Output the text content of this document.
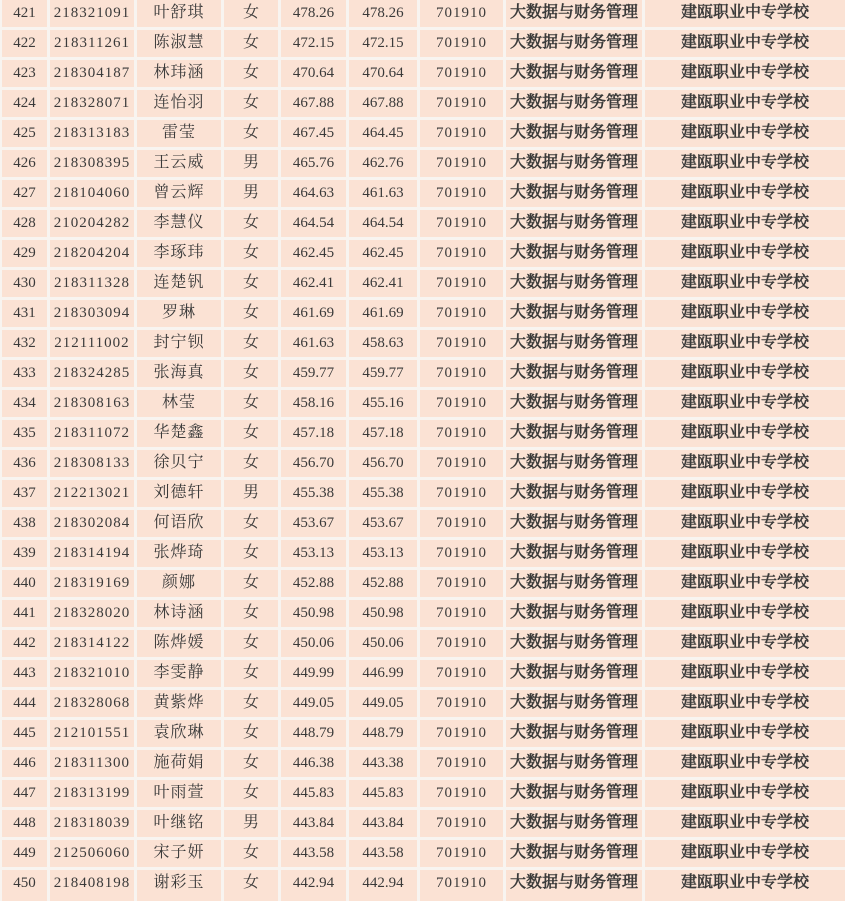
421	218321091	叶舒琪	女	478.26	478.26	701910	大数据与财务管理	建瓯职业中专学校
422	218311261	陈淑慧	女	472.15	472.15	701910	大数据与财务管理	建瓯职业中专学校
423	218304187	林玮涵	女	470.64	470.64	701910	大数据与财务管理	建瓯职业中专学校
424	218328071	连怡羽	女	467.88	467.88	701910	大数据与财务管理	建瓯职业中专学校
425	218313183	雷莹	女	467.45	464.45	701910	大数据与财务管理	建瓯职业中专学校
426	218308395	王云威	男	465.76	462.76	701910	大数据与财务管理	建瓯职业中专学校
427	218104060	曾云辉	男	464.63	461.63	701910	大数据与财务管理	建瓯职业中专学校
428	210204282	李慧仪	女	464.54	464.54	701910	大数据与财务管理	建瓯职业中专学校
429	218204204	李琢玮	女	462.45	462.45	701910	大数据与财务管理	建瓯职业中专学校
430	218311328	连楚钒	女	462.41	462.41	701910	大数据与财务管理	建瓯职业中专学校
431	218303094	罗琳	女	461.69	461.69	701910	大数据与财务管理	建瓯职业中专学校
432	212111002	封宁钡	女	461.63	458.63	701910	大数据与财务管理	建瓯职业中专学校
433	218324285	张海真	女	459.77	459.77	701910	大数据与财务管理	建瓯职业中专学校
434	218308163	林莹	女	458.16	455.16	701910	大数据与财务管理	建瓯职业中专学校
435	218311072	华楚鑫	女	457.18	457.18	701910	大数据与财务管理	建瓯职业中专学校
436	218308133	徐贝宁	女	456.70	456.70	701910	大数据与财务管理	建瓯职业中专学校
437	212213021	刘德轩	男	455.38	455.38	701910	大数据与财务管理	建瓯职业中专学校
438	218302084	何语欣	女	453.67	453.67	701910	大数据与财务管理	建瓯职业中专学校
439	218314194	张烨琦	女	453.13	453.13	701910	大数据与财务管理	建瓯职业中专学校
440	218319169	颜娜	女	452.88	452.88	701910	大数据与财务管理	建瓯职业中专学校
441	218328020	林诗涵	女	450.98	450.98	701910	大数据与财务管理	建瓯职业中专学校
442	218314122	陈烨媛	女	450.06	450.06	701910	大数据与财务管理	建瓯职业中专学校
443	218321010	李雯静	女	449.99	446.99	701910	大数据与财务管理	建瓯职业中专学校
444	218328068	黄紫烨	女	449.05	449.05	701910	大数据与财务管理	建瓯职业中专学校
445	212101551	袁欣琳	女	448.79	448.79	701910	大数据与财务管理	建瓯职业中专学校
446	218311300	施荷娟	女	446.38	443.38	701910	大数据与财务管理	建瓯职业中专学校
447	218313199	叶雨萱	女	445.83	445.83	701910	大数据与财务管理	建瓯职业中专学校
448	218318039	叶继铭	男	443.84	443.84	701910	大数据与财务管理	建瓯职业中专学校
449	212506060	宋子妍	女	443.58	443.58	701910	大数据与财务管理	建瓯职业中专学校
450	218408198	谢彩玉	女	442.94	442.94	701910	大数据与财务管理	建瓯职业中专学校
